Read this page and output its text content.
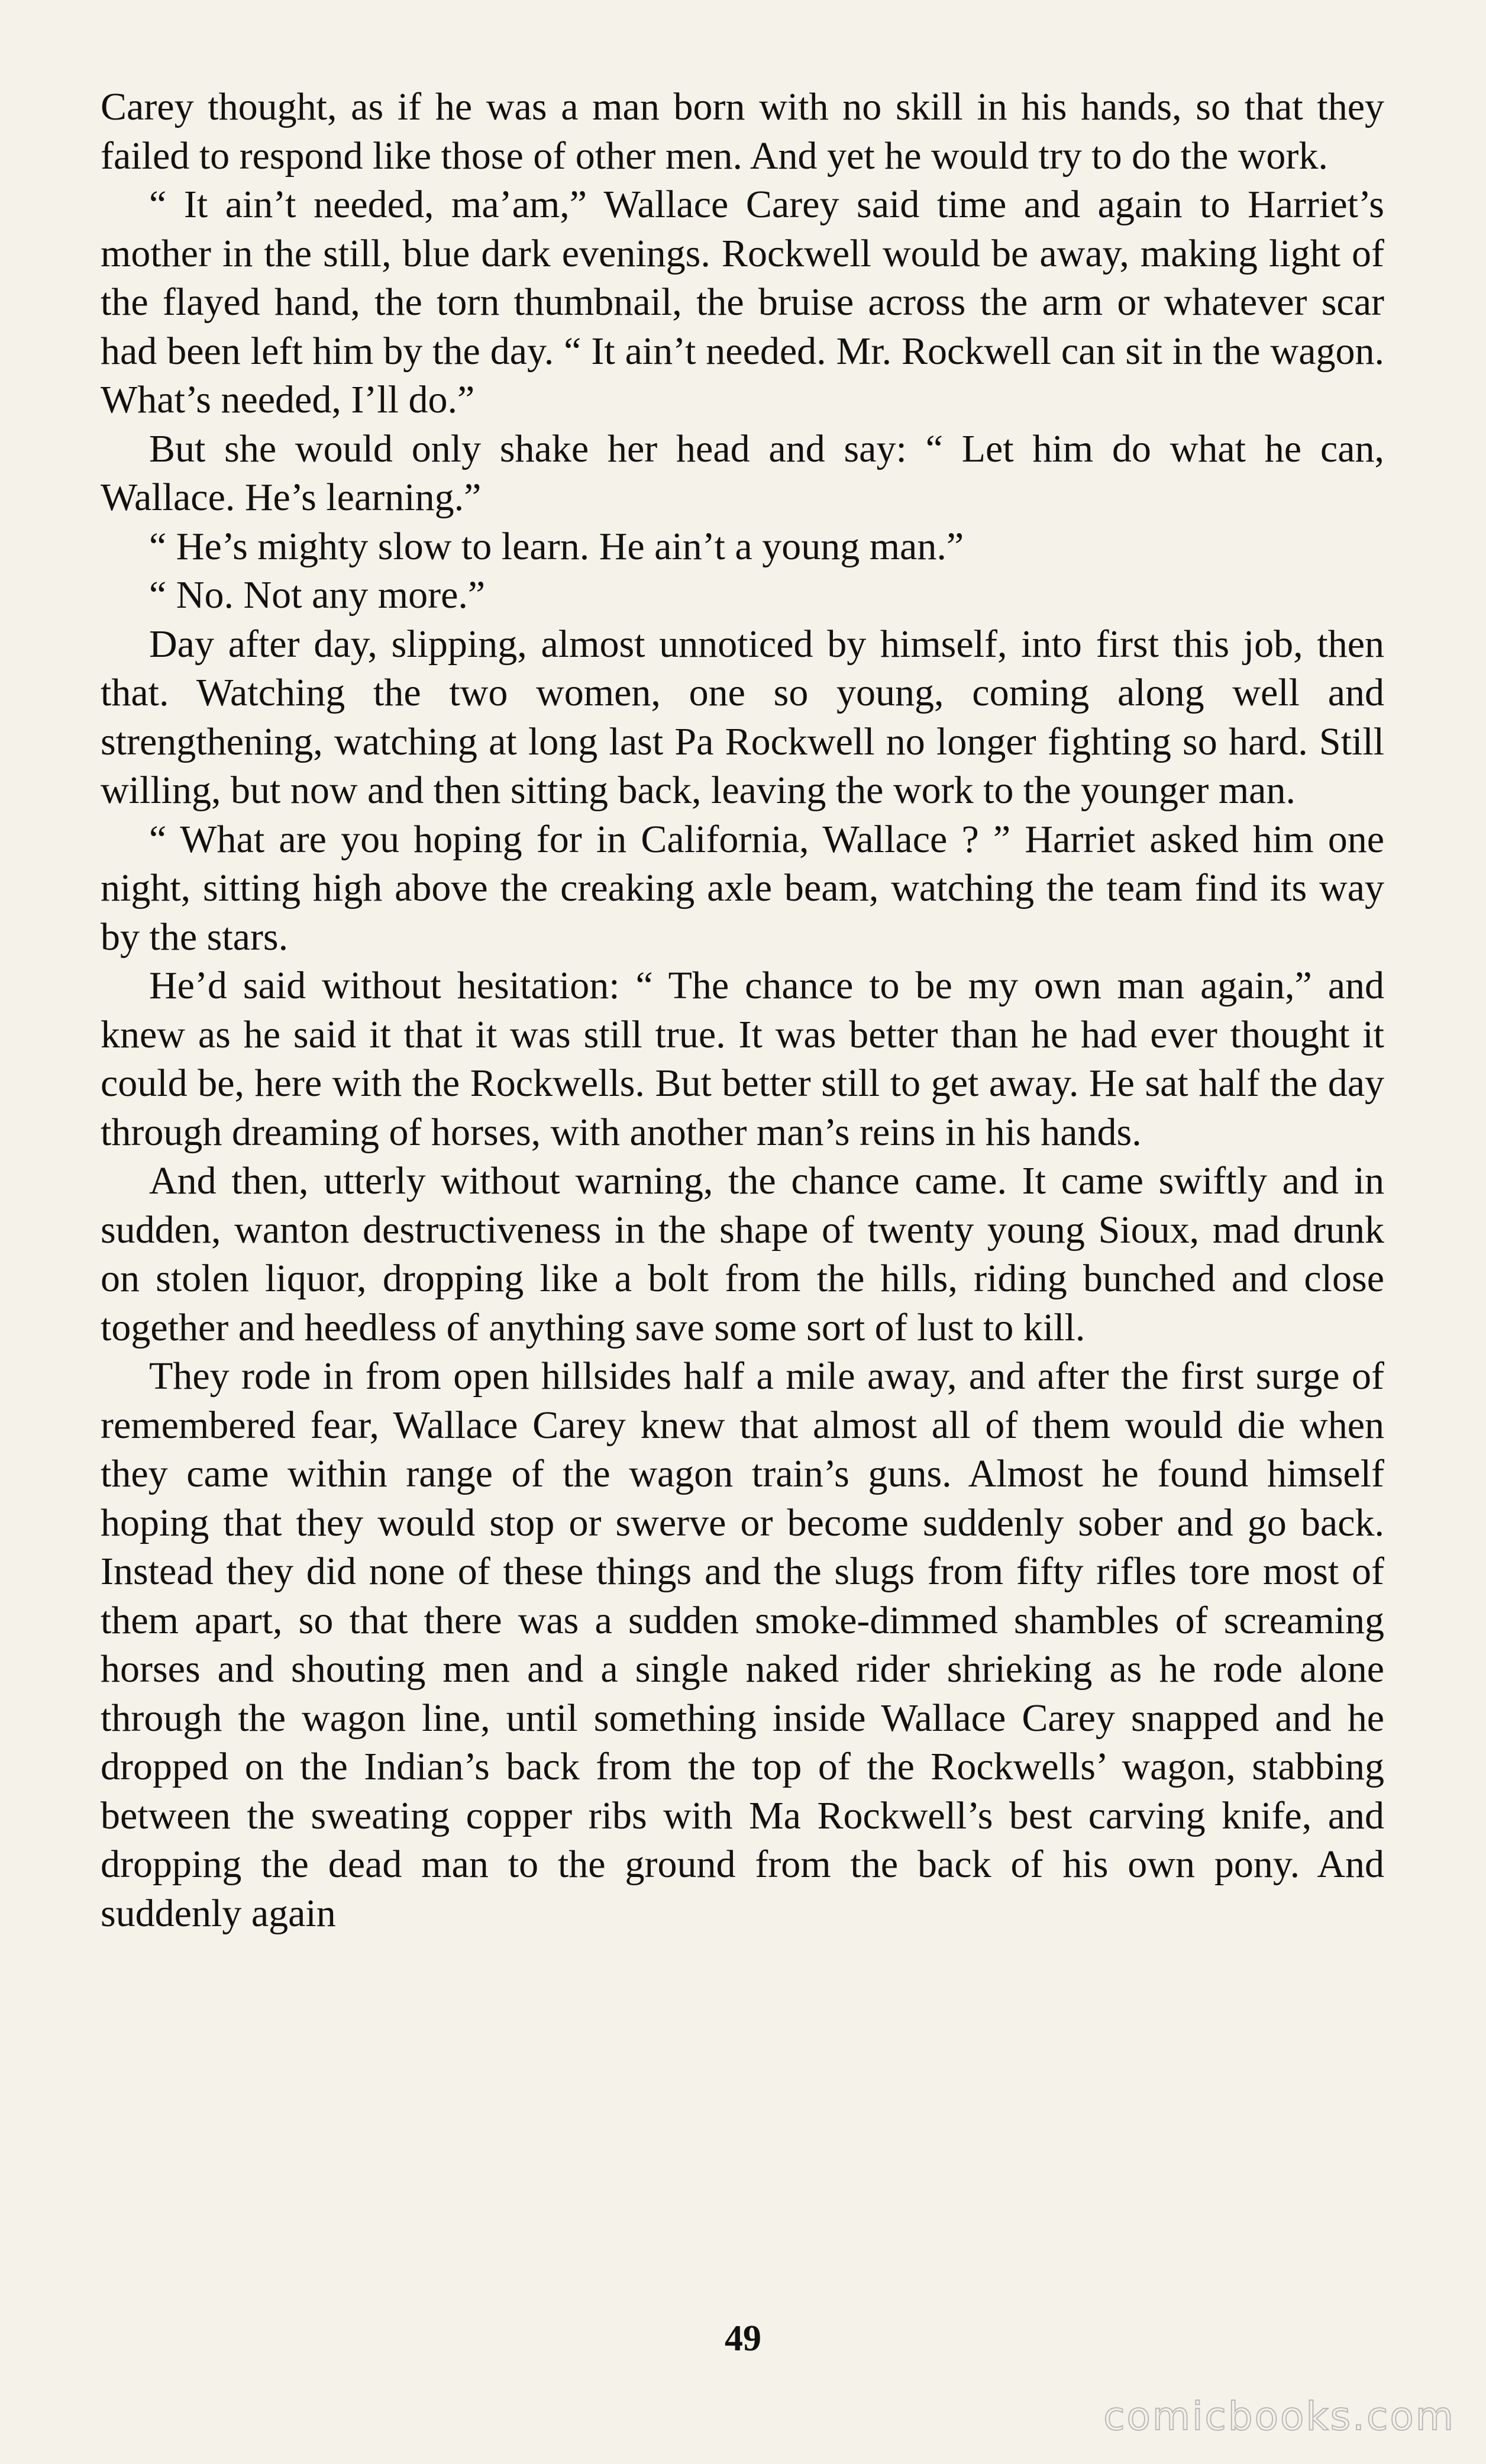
Carey thought, as if he was a man born with no skill in his hands, so that they failed to respond like those of other men. And yet he would try to do the work.

“ It ain’t needed, ma’am,” Wallace Carey said time and again to Harriet’s mother in the still, blue dark evenings. Rockwell would be away, making light of the flayed hand, the torn thumbnail, the bruise across the arm or whatever scar had been left him by the day. “ It ain’t needed. Mr. Rockwell can sit in the wagon. What’s needed, I’ll do.”

But she would only shake her head and say: “ Let him do what he can, Wallace. He’s learning.”

“ He’s mighty slow to learn. He ain’t a young man.”

“ No. Not any more.”

Day after day, slipping, almost unnoticed by himself, into first this job, then that. Watching the two women, one so young, coming along well and strengthening, watching at long last Pa Rockwell no longer fighting so hard. Still willing, but now and then sitting back, leaving the work to the younger man.

“ What are you hoping for in California, Wallace ? ” Harriet asked him one night, sitting high above the creaking axle beam, watching the team find its way by the stars.

He’d said without hesitation: “ The chance to be my own man again,” and knew as he said it that it was still true. It was better than he had ever thought it could be, here with the Rockwells. But better still to get away. He sat half the day through dreaming of horses, with another man’s reins in his hands.

And then, utterly without warning, the chance came. It came swiftly and in sudden, wanton destructiveness in the shape of twenty young Sioux, mad drunk on stolen liquor, dropping like a bolt from the hills, riding bunched and close together and heedless of anything save some sort of lust to kill.

They rode in from open hillsides half a mile away, and after the first surge of remembered fear, Wallace Carey knew that almost all of them would die when they came within range of the wagon train’s guns. Almost he found himself hoping that they would stop or swerve or become suddenly sober and go back. Instead they did none of these things and the slugs from fifty rifles tore most of them apart, so that there was a sudden smoke-dimmed shambles of screaming horses and shouting men and a single naked rider shrieking as he rode alone through the wagon line, until something inside Wallace Carey snapped and he dropped on the Indian’s back from the top of the Rockwells’ wagon, stabbing between the sweating copper ribs with Ma Rockwell’s best carving knife, and dropping the dead man to the ground from the back of his own pony. And suddenly again

49
comicbooks.com
